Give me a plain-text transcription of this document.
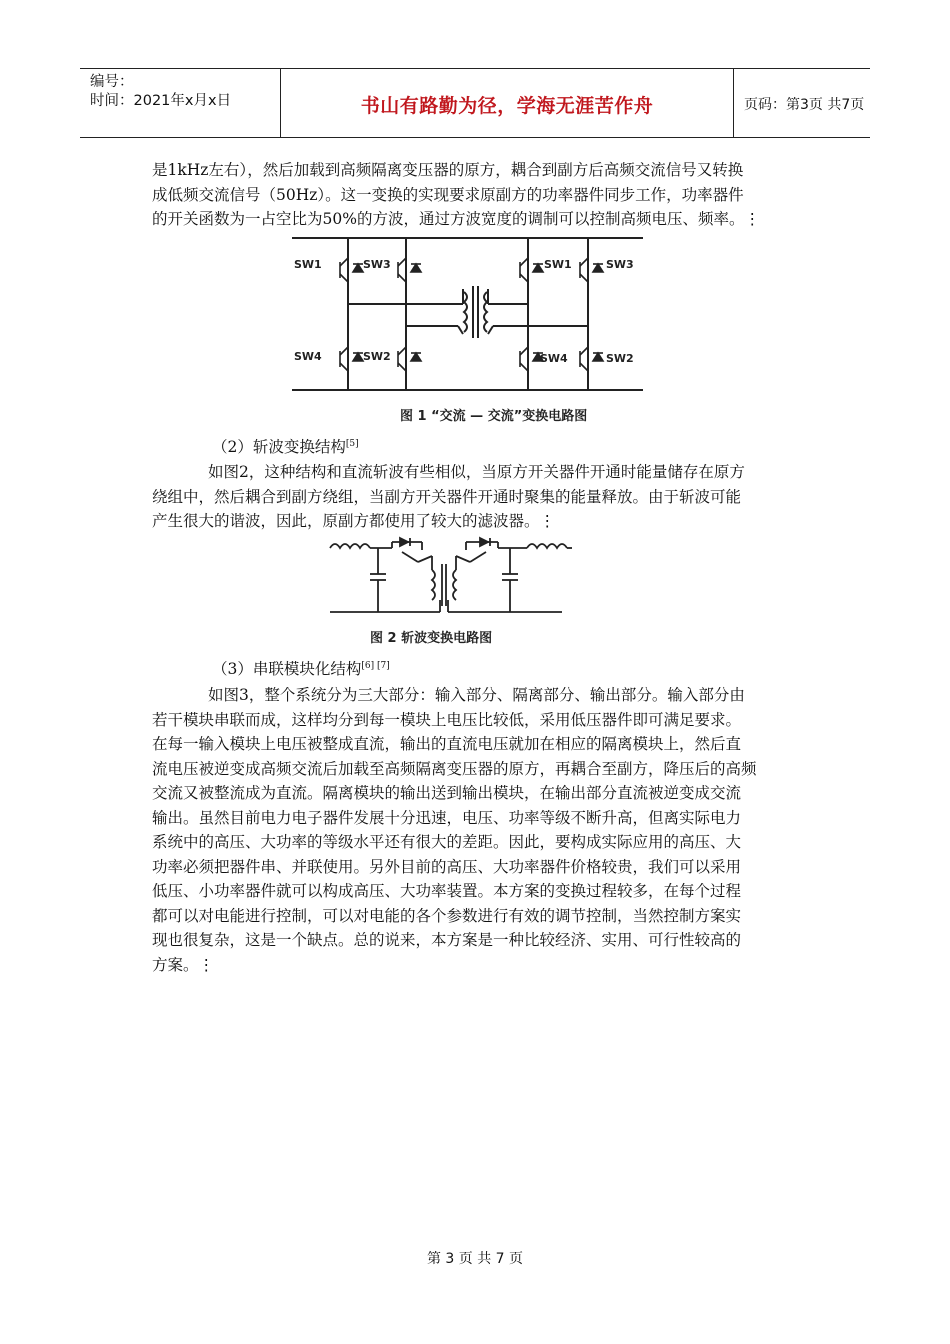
编号：
时间：2021年x月x日	书山有路勤为径，学海无涯苦作舟	页码：第3页 共7页
是1kHz左右），然后加载到高频隔离变压器的原方，耦合到副方后高频交流信号又转换
成低频交流信号（50Hz）。这一变换的实现要求原副方的功率器件同步工作，功率器件
的开关函数为一占空比为50%的方波，通过方波宽度的调制可以控制高频电压、频率。⋮
SW1	SW3
SW4	SW2
SW1	SW3
SW4	SW2
图 1 “交流 — 交流”变换电路图
（2）斩波变换结构[5]
如图2，这种结构和直流斩波有些相似，当原方开关器件开通时能量储存在原方
绕组中，然后耦合到副方绕组，当副方开关器件开通时聚集的能量释放。由于斩波可能
产生很大的谐波，因此，原副方都使用了较大的滤波器。⋮
图 2 斩波变换电路图
（3）串联模块化结构[6] [7]
如图3，整个系统分为三大部分：输入部分、隔离部分、输出部分。输入部分由
若干模块串联而成，这样均分到每一模块上电压比较低，采用低压器件即可满足要求。
在每一输入模块上电压被整成直流，输出的直流电压就加在相应的隔离模块上，然后直
流电压被逆变成高频交流后加载至高频隔离变压器的原方，再耦合至副方，降压后的高频
交流又被整流成为直流。隔离模块的输出送到输出模块，在输出部分直流被逆变成交流
输出。虽然目前电力电子器件发展十分迅速，电压、功率等级不断升高，但离实际电力
系统中的高压、大功率的等级水平还有很大的差距。因此，要构成实际应用的高压、大
功率必须把器件串、并联使用。另外目前的高压、大功率器件价格较贵，我们可以采用
低压、小功率器件就可以构成高压、大功率装置。本方案的变换过程较多，在每个过程
都可以对电能进行控制，可以对电能的各个参数进行有效的调节控制，当然控制方案实
现也很复杂，这是一个缺点。总的说来，本方案是一种比较经济、实用、可行性较高的
方案。⋮
第 3 页 共 7 页
